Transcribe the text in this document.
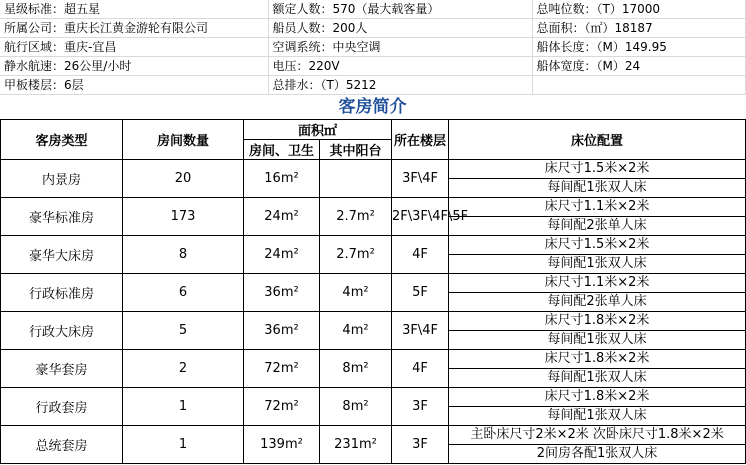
星级标准：超五星	额定人数：570（最大载客量）	总吨位数：（T）17000
所属公司：重庆长江黄金游轮有限公司	船员人数：200人	总面积：（㎡）18187
航行区域：重庆-宜昌	空调系统：中央空调	船体长度：（M）149.95
静水航速：26公里/小时	电压：220V	船体宽度：（M）24
甲板楼层：6层	总排水：（T）5212	
客房简介
客房类型	房间数量	面积㎡		所在楼层	床位配置
		房间、卫生	其中阳台		
内景房	20	16m²		3F\4F	床尺寸1.5米×2米
每间配1张双人床

豪华标准房	173	24m²	2.7m²	2F\3F\4F\5F	床尺寸1.1米×2米
每间配2张单人床

豪华大床房	8	24m²	2.7m²	4F	床尺寸1.5米×2米
每间配1张双人床

行政标准房	6	36m²	4m²	5F	床尺寸1.1米×2米
每间配2张单人床

行政大床房	5	36m²	4m²	3F\4F	床尺寸1.8米×2米
每间配1张双人床

豪华套房	2	72m²	8m²	4F	床尺寸1.8米×2米
每间配1张双人床

行政套房	1	72m²	8m²	3F	床尺寸1.8米×2米
每间配1张双人床

总统套房	1	139m²	231m²	3F	主卧床尺寸2米×2米 次卧床尺寸1.8米×2米
2间房各配1张双人床
